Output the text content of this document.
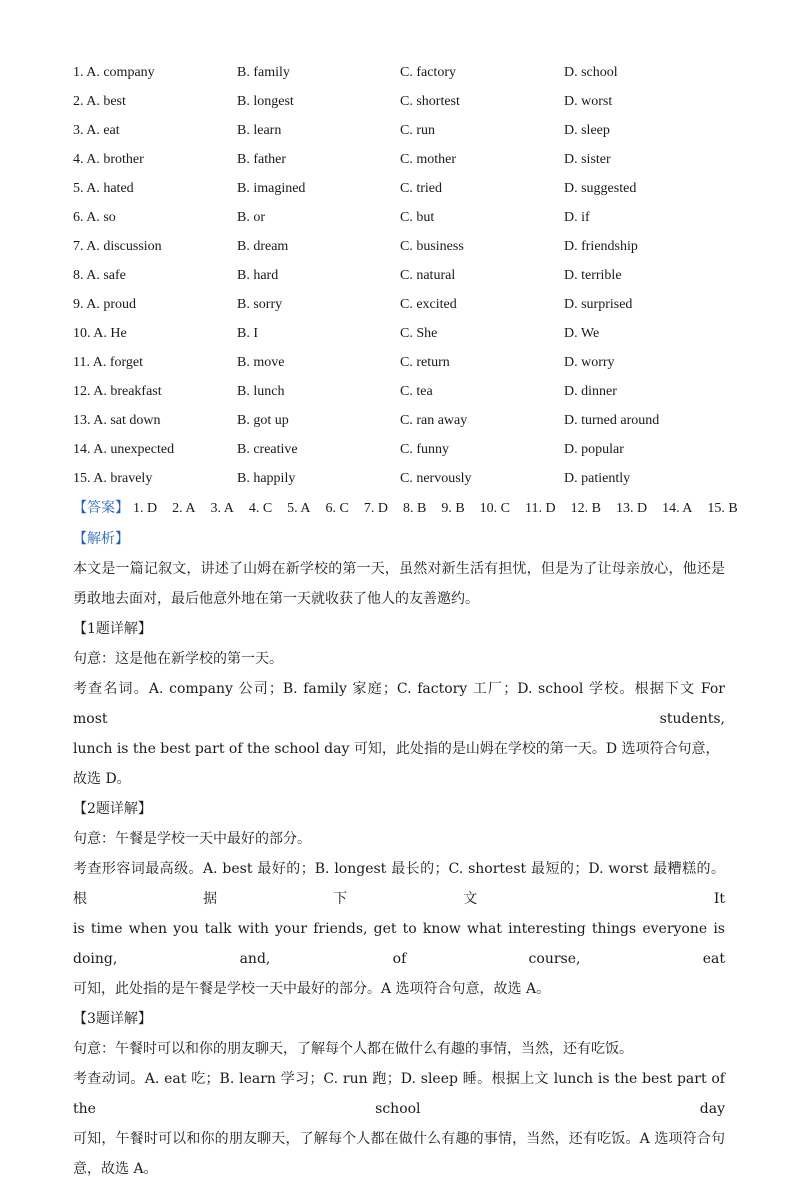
1. A. company	B. family	C. factory	D. school
2. A. best	B. longest	C. shortest	D. worst
3. A. eat	B. learn	C. run	D. sleep
4. A. brother	B. father	C. mother	D. sister
5. A. hated	B. imagined	C. tried	D. suggested
6. A. so	B. or	C. but	D. if
7. A. discussion	B. dream	C. business	D. friendship
8. A. safe	B. hard	C. natural	D. terrible
9. A. proud	B. sorry	C. excited	D. surprised
10. A. He	B. I	C. She	D. We
11. A. forget	B. move	C. return	D. worry
12. A. breakfast	B. lunch	C. tea	D. dinner
13. A. sat down	B. got up	C. ran away	D. turned around
14. A. unexpected	B. creative	C. funny	D. popular
15. A. bravely	B. happily	C. nervously	D. patiently
【答案】 1. D 2. A 3. A 4. C 5. A 6. C 7. D 8. B 9. B 10. C 11. D 12. B 13. D 14. A 15. B

【解析】

本文是一篇记叙文，讲述了山姆在新学校的第一天，虽然对新生活有担忧，但是为了让母亲放心，他还是

勇敢地去面对，最后他意外地在第一天就收获了他人的友善邀约。

【1题详解】

句意：这是他在新学校的第一天。

考查名词。A. company 公司；B. family 家庭；C. factory 工厂；D. school 学校。根据下文 For most students,

lunch is the best part of the school day 可知，此处指的是山姆在学校的第一天。D 选项符合句意，故选 D。

【2题详解】

句意：午餐是学校一天中最好的部分。

考查形容词最高级。A. best 最好的；B. longest 最长的；C. shortest 最短的；D. worst 最糟糕的。根据下文 It

is time when you talk with your friends, get to know what interesting things everyone is doing, and, of course, eat

可知，此处指的是午餐是学校一天中最好的部分。A 选项符合句意，故选 A。

【3题详解】

句意：午餐时可以和你的朋友聊天，了解每个人都在做什么有趣的事情，当然，还有吃饭。

考查动词。A. eat 吃；B. learn 学习；C. run 跑；D. sleep 睡。根据上文 lunch is the best part of the school day

可知，午餐时可以和你的朋友聊天，了解每个人都在做什么有趣的事情，当然，还有吃饭。A 选项符合句

意，故选 A。
